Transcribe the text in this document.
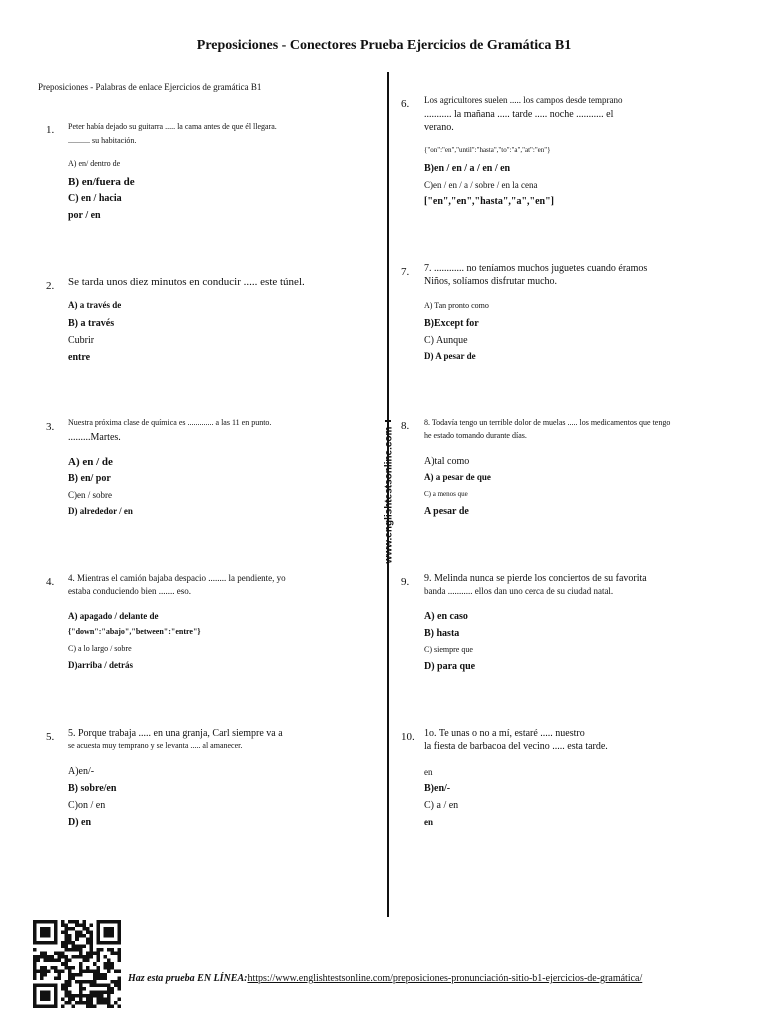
Preposiciones - Conectores Prueba Ejercicios de Gramática B1
Preposiciones - Palabras de enlace Ejercicios de gramática B1
www.englishtestsonline.com
1. Peter había dejado su guitarra ..... la cama antes de que él llegara.
........... su habitación.
A) en/ dentro de
B) en/fuera de
C) en / hacia
por / en
2. Se tarda unos diez minutos en conducir ..... este túnel.
A) a través de
B) a través
Cubrir
entre
3. Nuestra próxima clase de química es ............. a las 11 en punto.
.........Martes.
A) en / de
B) en/ por
C)en / sobre
D) alrededor / en
4. 4. Mientras el camión bajaba despacio ........ la pendiente, yo
estaba conduciendo bien ....... eso.
A) apagado / delante de
{"down":"abajo","between":"entre"}
C) a lo largo / sobre
D)arriba / detrás
5. 5. Porque trabaja ..... en una granja, Carl siempre va a
se acuesta muy temprano y se levanta ..... al amanecer.
A)en/-
B) sobre/en
C)on / en
D) en
6. Los agricultores suelen ..... los campos desde temprano
........... la mañana ..... tarde ..... noche ........... el
verano.
{"on":"en","until":"hasta","to":"a","at":"en"}
B)en / en / a / en / en
C)en / en / a / sobre / en la cena
["en","en","hasta","a","en"]
7. 7. ............ no teníamos muchos juguetes cuando éramos
Niños, solíamos disfrutar mucho.
A) Tan pronto como
B)Except for
C) Aunque
D) A pesar de
8. 8. Todavía tengo un terrible dolor de muelas ..... los medicamentos que tengo
he estado tomando durante días.
A)tal como
A) a pesar de que
C) a menos que
A pesar de
9. 9. Melinda nunca se pierde los conciertos de su favorita
banda ........... ellos dan uno cerca de su ciudad natal.
A) en caso
B) hasta
C) siempre que
D) para que
10. 1o. Te unas o no a mí, estaré ..... nuestro
la fiesta de barbacoa del vecino ..... esta tarde.
en
B)en/-
C) a / en
en
Haz esta prueba EN LÍNEA:https://www.englishtestsonline.com/preposiciones-pronunciación-sitio-b1-ejercicios-de-gramática/
